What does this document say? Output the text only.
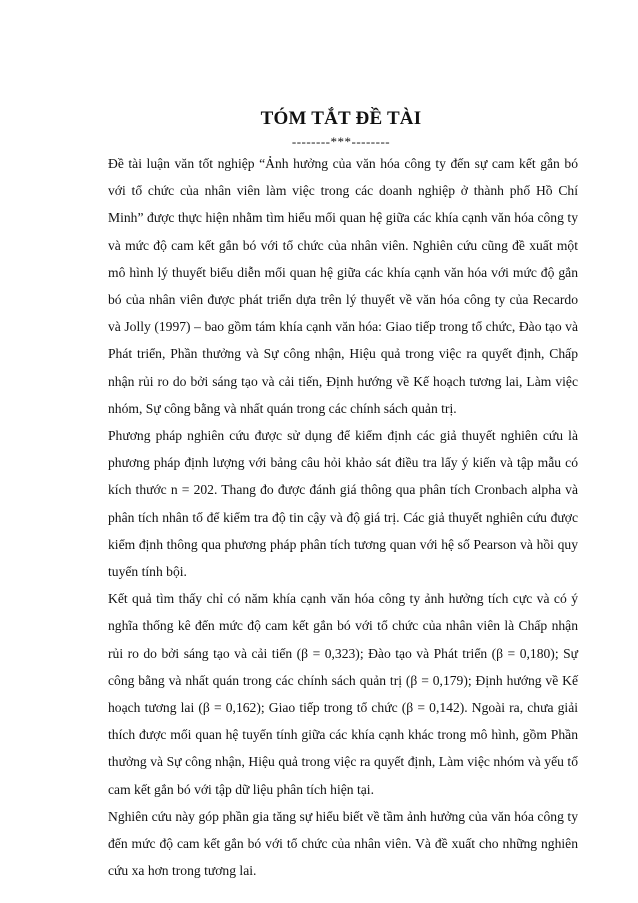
TÓM TẮT ĐỀ TÀI
--------***--------

Đề tài luận văn tốt nghiệp “Ảnh hưởng của văn hóa công ty đến sự cam kết gắn bó với tổ chức của nhân viên làm việc trong các doanh nghiệp ở thành phố Hồ Chí Minh” được thực hiện nhằm tìm hiểu mối quan hệ giữa các khía cạnh văn hóa công ty và mức độ cam kết gắn bó với tổ chức của nhân viên. Nghiên cứu cũng đề xuất một mô hình lý thuyết biểu diễn mối quan hệ giữa các khía cạnh văn hóa với mức độ gắn bó của nhân viên được phát triển dựa trên lý thuyết về văn hóa công ty của Recardo và Jolly (1997) – bao gồm tám khía cạnh văn hóa: Giao tiếp trong tổ chức, Đào tạo và Phát triển, Phần thưởng và Sự công nhận, Hiệu quả trong việc ra quyết định, Chấp nhận rủi ro do bởi sáng tạo và cải tiến, Định hướng về Kế hoạch tương lai, Làm việc nhóm, Sự công bằng và nhất quán trong các chính sách quản trị.

Phương pháp nghiên cứu được sử dụng để kiểm định các giả thuyết nghiên cứu là phương pháp định lượng với bảng câu hỏi khảo sát điều tra lấy ý kiến và tập mẫu có kích thước n = 202. Thang đo được đánh giá thông qua phân tích Cronbach alpha và phân tích nhân tố để kiểm tra độ tin cậy và độ giá trị. Các giả thuyết nghiên cứu được kiểm định thông qua phương pháp phân tích tương quan với hệ số Pearson và hồi quy tuyến tính bội.

Kết quả tìm thấy chỉ có năm khía cạnh văn hóa công ty ảnh hưởng tích cực và có ý nghĩa thống kê đến mức độ cam kết gắn bó với tổ chức của nhân viên là Chấp nhận rủi ro do bởi sáng tạo và cải tiến (β = 0,323); Đào tạo và Phát triển (β = 0,180); Sự công bằng và nhất quán trong các chính sách quản trị (β = 0,179); Định hướng về Kế hoạch tương lai (β = 0,162); Giao tiếp trong tổ chức (β = 0,142). Ngoài ra, chưa giải thích được mối quan hệ tuyến tính giữa các khía cạnh khác trong mô hình, gồm Phần thưởng và Sự công nhận, Hiệu quả trong việc ra quyết định, Làm việc nhóm và yếu tố cam kết gắn bó với tập dữ liệu phân tích hiện tại.

Nghiên cứu này góp phần gia tăng sự hiểu biết về tầm ảnh hưởng của văn hóa công ty đến mức độ cam kết gắn bó với tổ chức của nhân viên. Và đề xuất cho những nghiên cứu xa hơn trong tương lai.
